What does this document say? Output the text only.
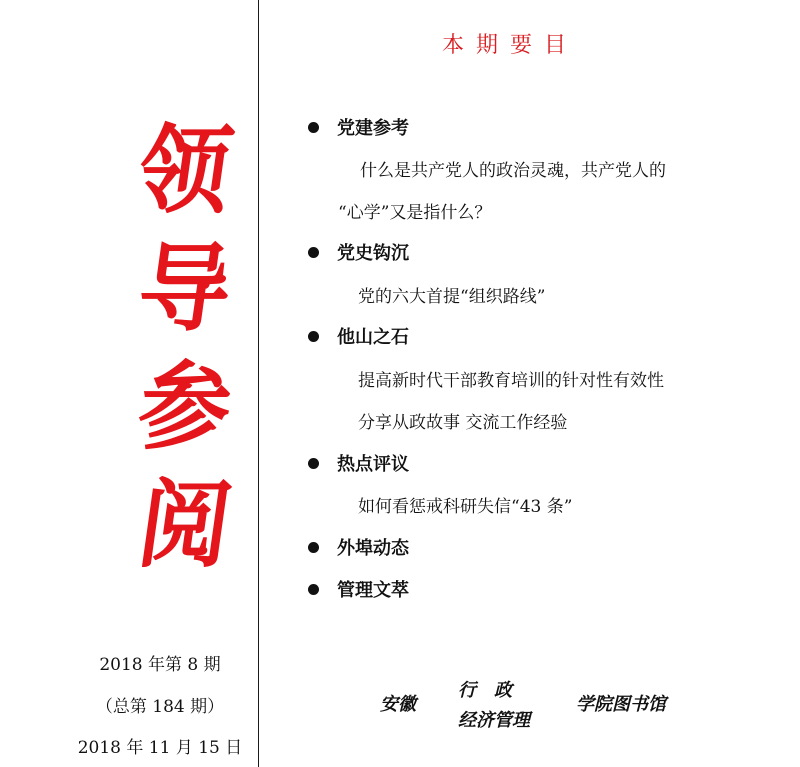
领
导
参
阅
2018 年第 8 期
（总第 184 期）
2018 年 11 月 15 日
本期要目
党建参考
什么是共产党人的政治灵魂，共产党人的
“心学”又是指什么？
党史钩沉
党的六大首提“组织路线”
他山之石
提高新时代干部教育培训的针对性有效性
分享从政故事 交流工作经验
热点评议
如何看惩戒科研失信“43 条”
外埠动态
管理文萃
安徽
行　政
经济管理
学院图书馆
